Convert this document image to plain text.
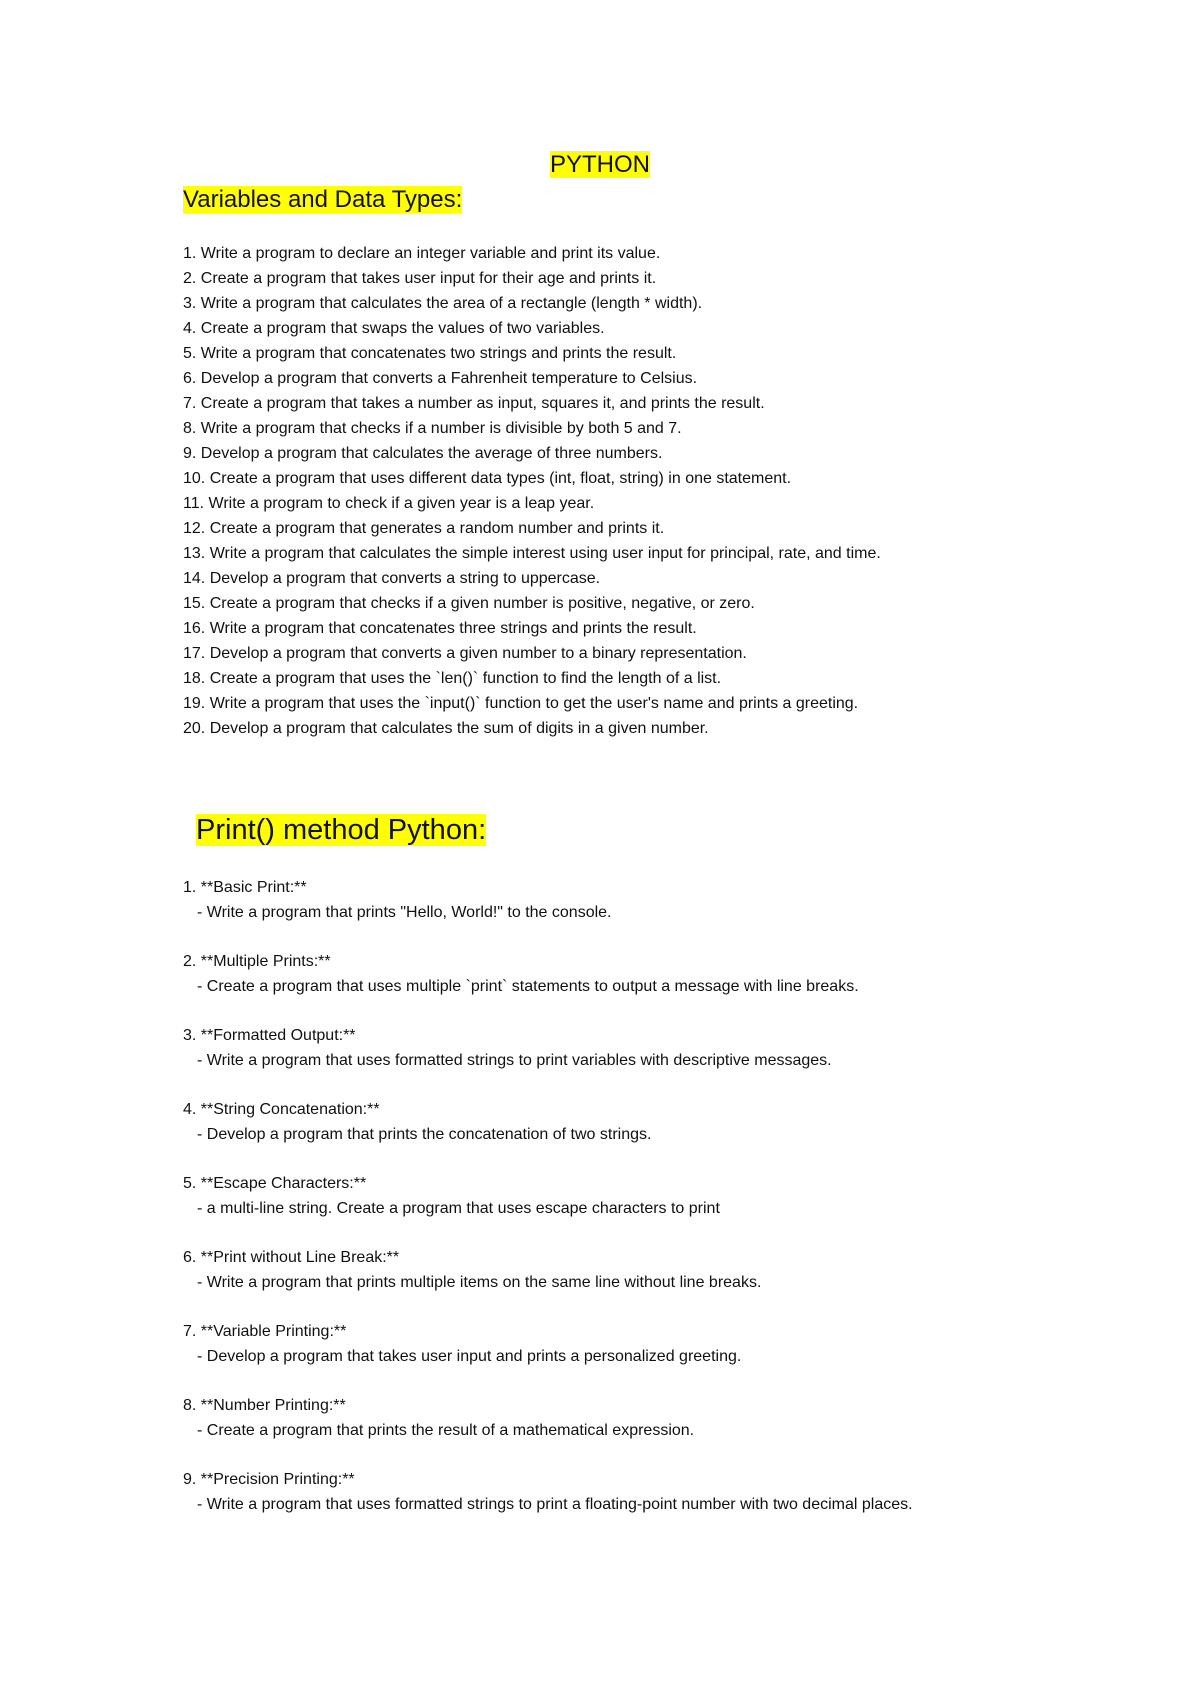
PYTHON
Variables and Data Types:
1. Write a program to declare an integer variable and print its value.
2. Create a program that takes user input for their age and prints it.
3. Write a program that calculates the area of a rectangle (length * width).
4. Create a program that swaps the values of two variables.
5. Write a program that concatenates two strings and prints the result.
6. Develop a program that converts a Fahrenheit temperature to Celsius.
7. Create a program that takes a number as input, squares it, and prints the result.
8. Write a program that checks if a number is divisible by both 5 and 7.
9. Develop a program that calculates the average of three numbers.
10. Create a program that uses different data types (int, float, string) in one statement.
11. Write a program to check if a given year is a leap year.
12. Create a program that generates a random number and prints it.
13. Write a program that calculates the simple interest using user input for principal, rate, and time.
14. Develop a program that converts a string to uppercase.
15. Create a program that checks if a given number is positive, negative, or zero.
16. Write a program that concatenates three strings and prints the result.
17. Develop a program that converts a given number to a binary representation.
18. Create a program that uses the `len()` function to find the length of a list.
19. Write a program that uses the `input()` function to get the user's name and prints a greeting.
20. Develop a program that calculates the sum of digits in a given number.
Print() method Python:
1. **Basic Print:**
- Write a program that prints "Hello, World!" to the console.
2. **Multiple Prints:**
- Create a program that uses multiple `print` statements to output a message with line breaks.
3. **Formatted Output:**
- Write a program that uses formatted strings to print variables with descriptive messages.
4. **String Concatenation:**
- Develop a program that prints the concatenation of two strings.
5. **Escape Characters:**
- a multi-line string. Create a program that uses escape characters to print
6. **Print without Line Break:**
- Write a program that prints multiple items on the same line without line breaks.
7. **Variable Printing:**
- Develop a program that takes user input and prints a personalized greeting.
8. **Number Printing:**
- Create a program that prints the result of a mathematical expression.
9. **Precision Printing:**
- Write a program that uses formatted strings to print a floating-point number with two decimal places.
